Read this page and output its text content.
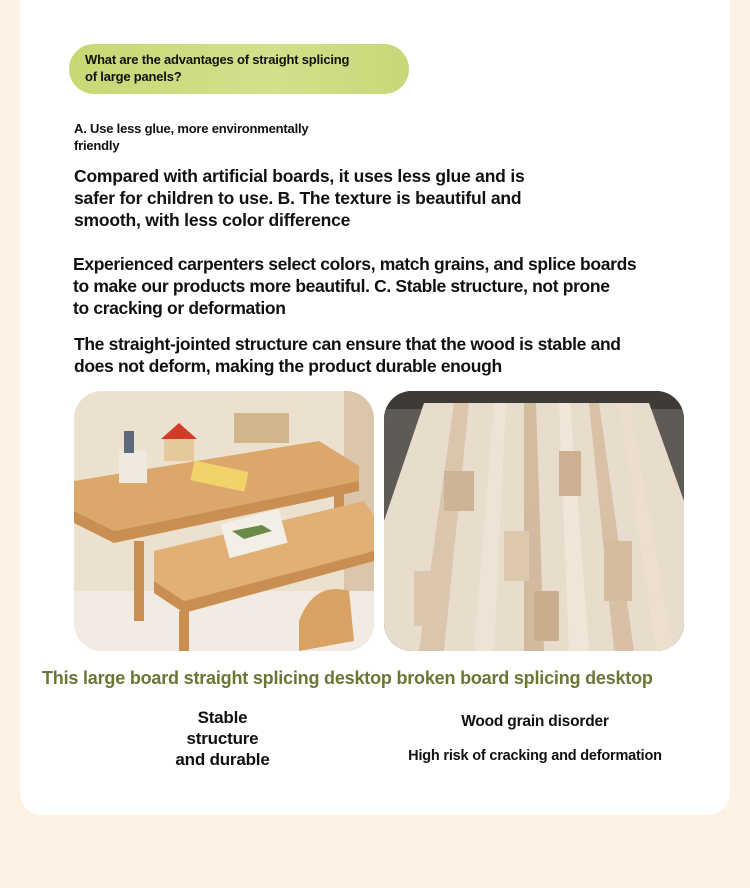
What are the advantages of straight splicing
of large panels?
A. Use less glue, more environmentally
friendly
Compared with artificial boards, it uses less glue and is
safer for children to use. B. The texture is beautiful and
smooth, with less color difference
Experienced carpenters select colors, match grains, and splice boards
to make our products more beautiful. C. Stable structure, not prone
to cracking or deformation
The straight-jointed structure can ensure that the wood is stable and
does not deform, making the product durable enough
This large board straight splicing desktop broken board splicing desktop
Stable
structure
and durable
Wood grain disorder
High risk of cracking and deformation
